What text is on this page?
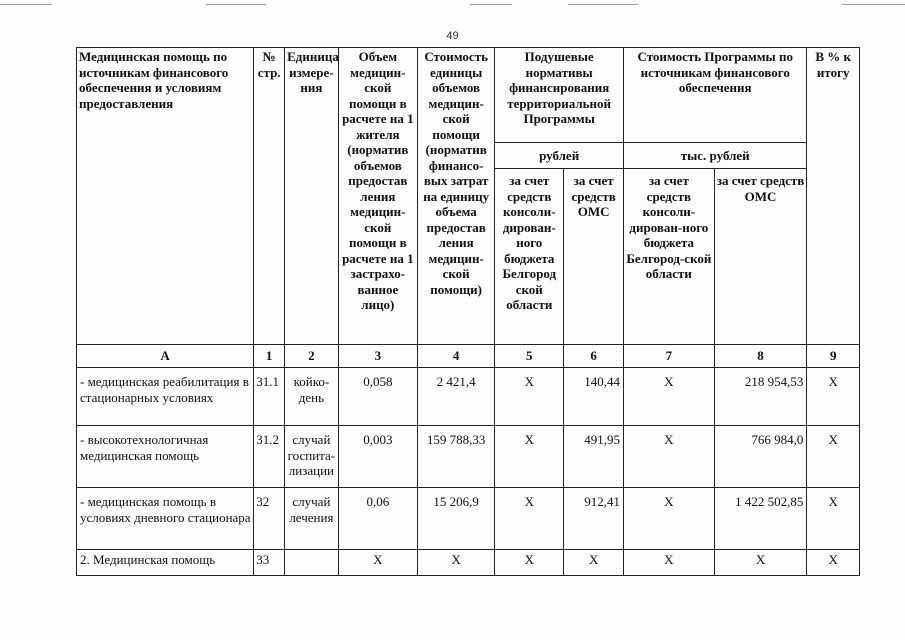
49
Медицинская помощь по источникам финансового обеспечения и условиям предоставления	№ стр.	Единица измере-ния	Объем медицин-ской помощи в расчете на 1 жителя (норматив объемов предостав ления медицин-ской помощи в расчете на 1 застрахо-ванное лицо)	Стоимость единицы объемов медицин-ской помощи (норматив финансо-вых затрат на единицу объема предостав ления медицин-ской помощи)	Подушевые нормативы финансирования территориальной Программы		Стоимость Программы по источникам финансового обеспечения		В % к итогу
					рублей		тыс. рублей		
					за счет средств консоли-дирован-ного бюджета Белгород ской области	за счет средств ОМС	за счет средств консоли-дирован-ного бюджета Белгород-ской области	за счет средств ОМС	
А	1	2	3	4	5	6	7	8	9
- медицинская реабилитация в стационарных условиях	31.1	койко-день	0,058	2 421,4	Х	140,44	Х	218 954,53	Х
- высокотехнологичная медицинская помощь	31.2	случай госпита-лизации	0,003	159 788,33	Х	491,95	Х	766 984,0	Х
- медицинская помощь в условиях дневного стационара	32	случай лечения	0,06	15 206,9	Х	912,41	Х	1 422 502,85	Х
2. Медицинская помощь	33		Х	Х	Х	Х	Х	Х	Х
